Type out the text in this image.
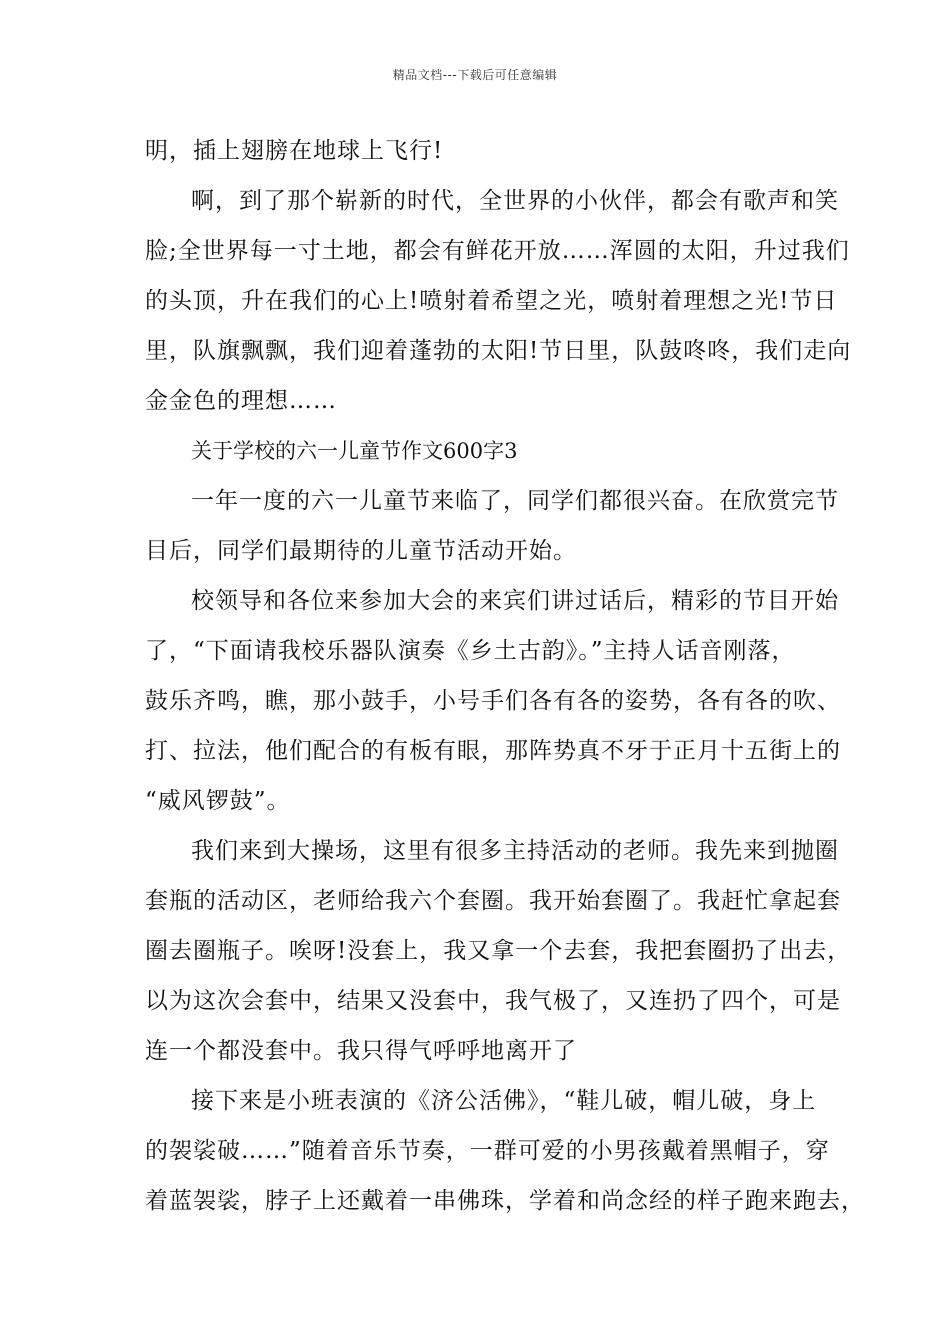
精品文档---下载后可任意编辑
明，插上翅膀在地球上飞行!
啊，到了那个崭新的时代，全世界的小伙伴，都会有歌声和笑
脸;全世界每一寸土地，都会有鲜花开放……浑圆的太阳，升过我们
的头顶，升在我们的心上!喷射着希望之光，喷射着理想之光!节日
里，队旗飘飘，我们迎着蓬勃的太阳!节日里，队鼓咚咚，我们走向
金金色的理想……
关于学校的六一儿童节作文600字3
一年一度的六一儿童节来临了，同学们都很兴奋。在欣赏完节
目后，同学们最期待的儿童节活动开始。
校领导和各位来参加大会的来宾们讲过话后，精彩的节目开始
了，“下面请我校乐器队演奏《乡土古韵》。”主持人话音刚落，
鼓乐齐鸣，瞧，那小鼓手，小号手们各有各的姿势，各有各的吹、
打、拉法，他们配合的有板有眼，那阵势真不牙于正月十五街上的
“威风锣鼓”。
我们来到大操场，这里有很多主持活动的老师。我先来到抛圈
套瓶的活动区，老师给我六个套圈。我开始套圈了。我赶忙拿起套
圈去圈瓶子。唉呀!没套上，我又拿一个去套，我把套圈扔了出去，
以为这次会套中，结果又没套中，我气极了，又连扔了四个，可是
连一个都没套中。我只得气呼呼地离开了
接下来是小班表演的《济公活佛》，“鞋儿破，帽儿破，身上
的袈裟破……”随着音乐节奏，一群可爱的小男孩戴着黑帽子，穿
着蓝袈裟，脖子上还戴着一串佛珠，学着和尚念经的样子跑来跑去，
